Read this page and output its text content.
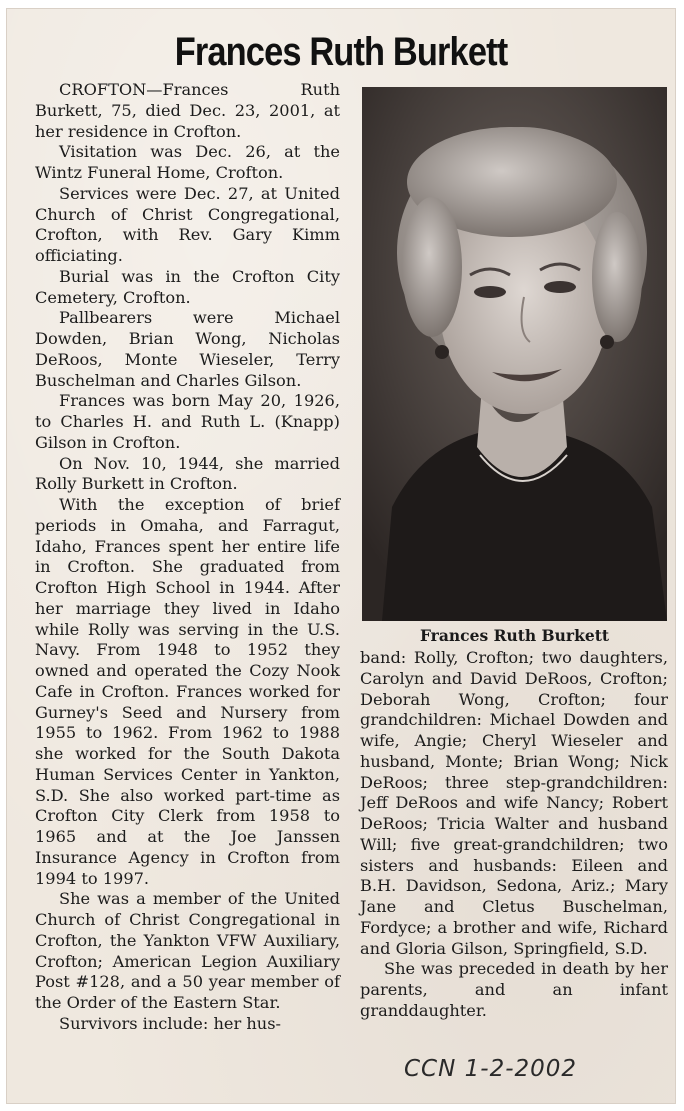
Frances Ruth Burkett

CROFTON—Frances Ruth Burkett, 75, died Dec. 23, 2001, at her residence in Crofton.

Visitation was Dec. 26, at the Wintz Funeral Home, Crofton.

Services were Dec. 27, at United Church of Christ Congregational, Crofton, with Rev. Gary Kimm officiating.

Burial was in the Crofton City Cemetery, Crofton.

Pallbearers were Michael Dowden, Brian Wong, Nicholas DeRoos, Monte Wieseler, Terry Buschelman and Charles Gilson.

Frances was born May 20, 1926, to Charles H. and Ruth L. (Knapp) Gilson in Crofton.

On Nov. 10, 1944, she married Rolly Burkett in Crofton.

With the exception of brief periods in Omaha, and Farragut, Idaho, Frances spent her entire life in Crofton. She graduated from Crofton High School in 1944. After her marriage they lived in Idaho while Rolly was serving in the U.S. Navy. From 1948 to 1952 they owned and operated the Cozy Nook Cafe in Crofton. Frances worked for Gurney's Seed and Nursery from 1955 to 1962. From 1962 to 1988 she worked for the South Dakota Human Services Center in Yankton, S.D. She also worked part-time as Crofton City Clerk from 1958 to 1965 and at the Joe Janssen Insurance Agency in Crofton from 1994 to 1997.

She was a member of the United Church of Christ Congregational in Crofton, the Yankton VFW Auxiliary, Crofton; American Legion Auxiliary Post #128, and a 50 year member of the Order of the Eastern Star.

Survivors include: her hus-

Frances Ruth Burkett

band: Rolly, Crofton; two daughters, Carolyn and David DeRoos, Crofton; Deborah Wong, Crofton; four grandchildren: Michael Dowden and wife, Angie; Cheryl Wieseler and husband, Monte; Brian Wong; Nick DeRoos; three step-grandchildren: Jeff DeRoos and wife Nancy; Robert DeRoos; Tricia Walter and husband Will; five great-grandchildren; two sisters and husbands: Eileen and B.H. Davidson, Sedona, Ariz.; Mary Jane and Cletus Buschelman, Fordyce; a brother and wife, Richard and Gloria Gilson, Springfield, S.D.

She was preceded in death by her parents, and an infant granddaughter.

CCN 1-2-2002
